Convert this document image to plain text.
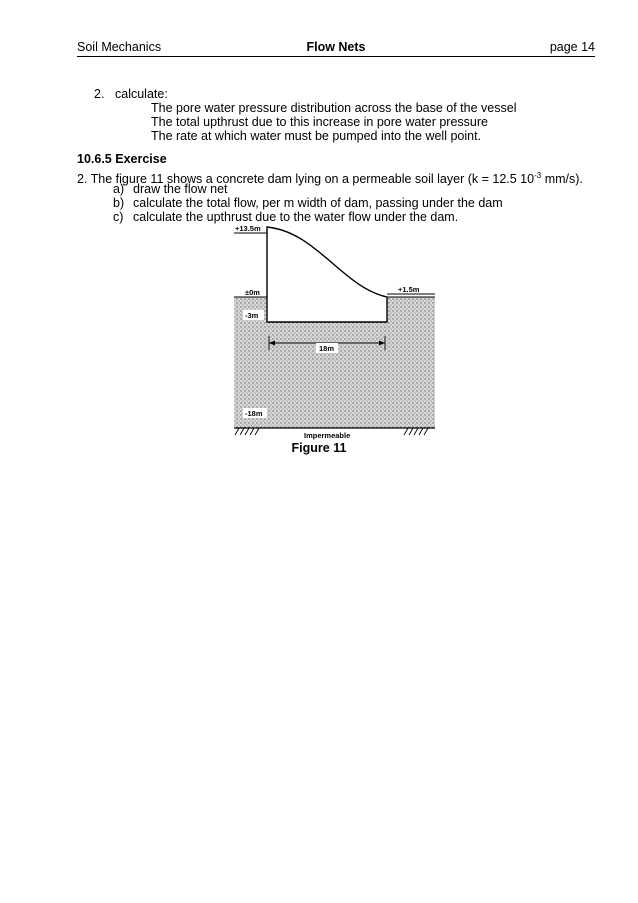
Soil Mechanics	Flow Nets	page 14
2. calculate:
The pore water pressure distribution across the base of the vessel
The total upthrust due to this increase in pore water pressure
The rate at which water must be pumped into the well point.
10.6.5 Exercise
2. The figure 11 shows a concrete dam lying on a permeable soil layer (k = 12.5 $10^{-3}$ mm/s).
a) draw the flow net
b) calculate the total flow, per m width of dam, passing under the dam
c) calculate the upthrust due to the water flow under the dam.
+13.5m
+1.5m
±0m
-3m
18m
-18m
Impermeable
Figure 11
